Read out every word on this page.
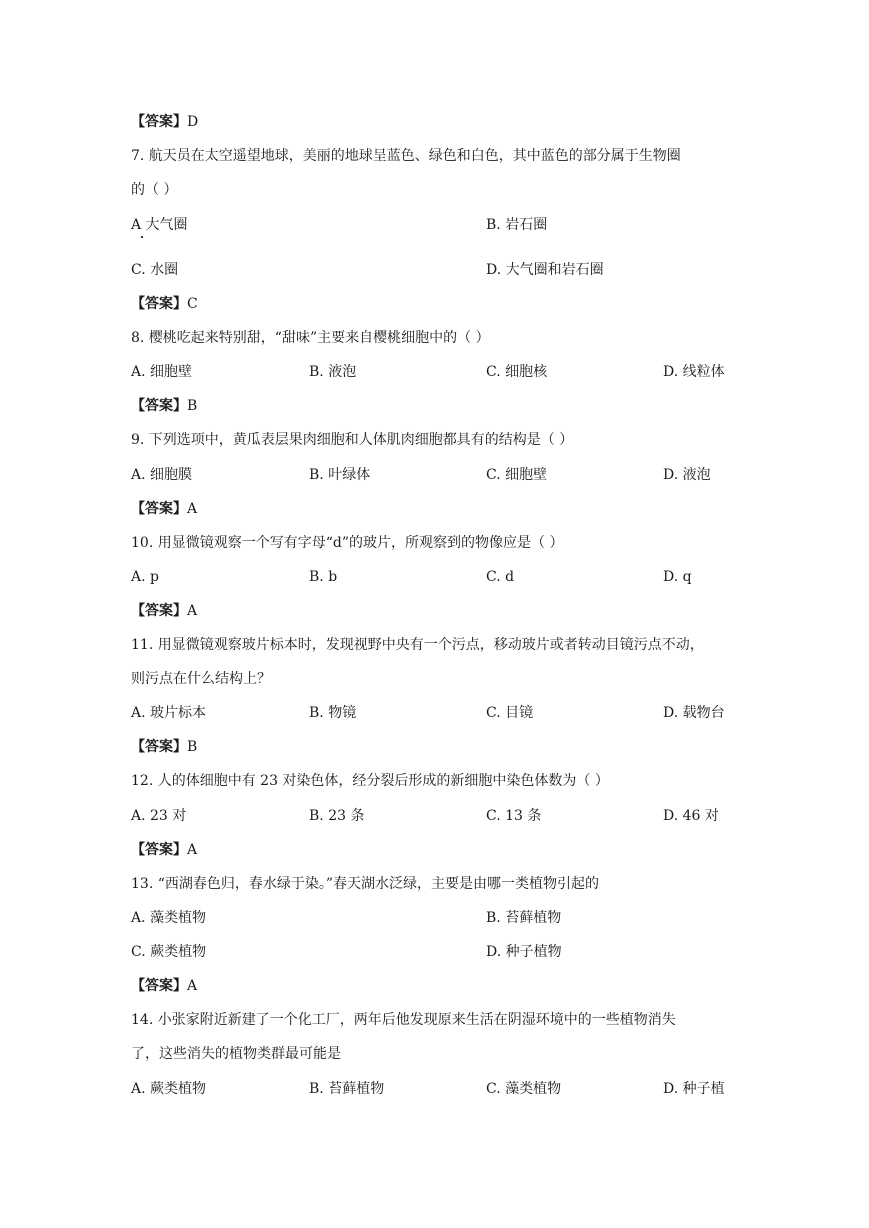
【答案】D
7. 航天员在太空遥望地球，美丽的地球呈蓝色、绿色和白色，其中蓝色的部分属于生物圈
的（ ）
A 大气圈	B. 岩石圈
C. 水圈	D. 大气圈和岩石圈
【答案】C
8. 樱桃吃起来特别甜，“甜味”主要来自樱桃细胞中的（ ）
A. 细胞壁	B. 液泡	C. 细胞核	D. 线粒体
【答案】B
9. 下列选项中，黄瓜表层果肉细胞和人体肌肉细胞都具有的结构是（ ）
A. 细胞膜	B. 叶绿体	C. 细胞壁	D. 液泡
【答案】A
10. 用显微镜观察一个写有字母“d”的玻片，所观察到的物像应是（ ）
A. p	B. b	C. d	D. q
【答案】A
11. 用显微镜观察玻片标本时，发现视野中央有一个污点，移动玻片或者转动目镜污点不动，
则污点在什么结构上？
A. 玻片标本	B. 物镜	C. 目镜	D. 载物台
【答案】B
12. 人的体细胞中有 23 对染色体，经分裂后形成的新细胞中染色体数为（ ）
A. 23 对	B. 23 条	C. 13 条	D. 46 对
【答案】A
13. “西湖春色归，春水绿于染。”春天湖水泛绿，主要是由哪一类植物引起的
A. 藻类植物	B. 苔藓植物
C. 蕨类植物	D. 种子植物
【答案】A
14. 小张家附近新建了一个化工厂，两年后他发现原来生活在阴湿环境中的一些植物消失
了，这些消失的植物类群最可能是
A. 蕨类植物	B. 苔藓植物	C. 藻类植物	D. 种子植
